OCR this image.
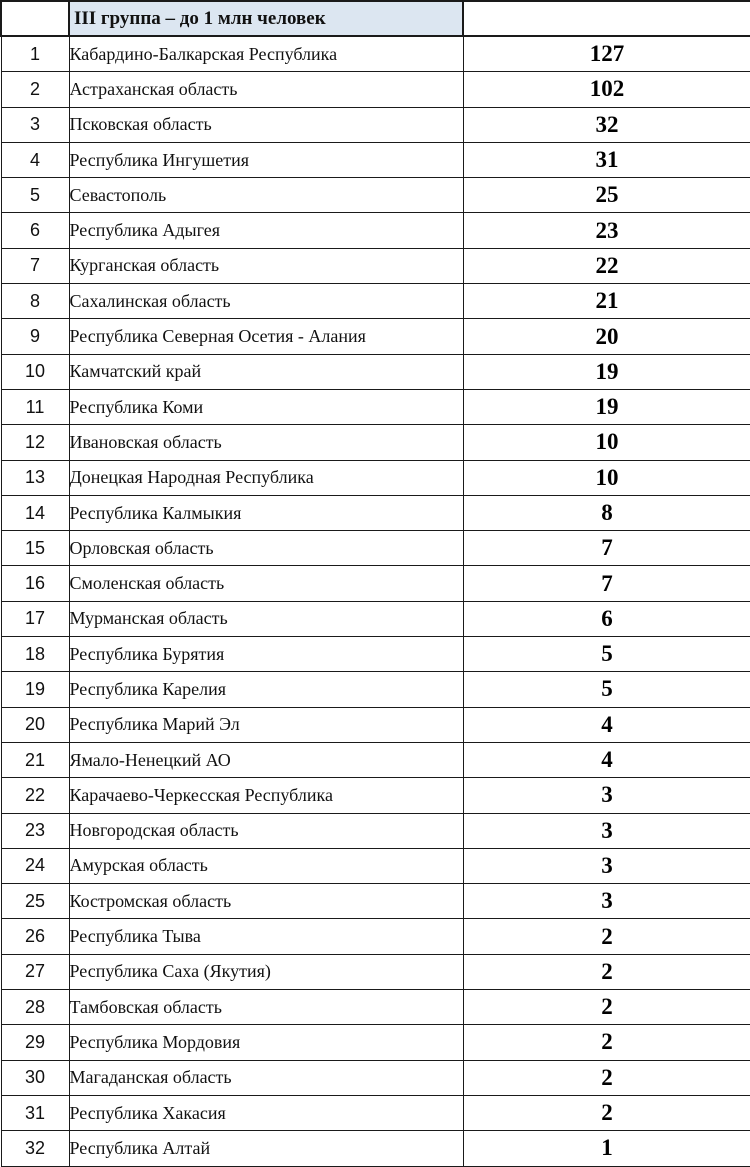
	III группа – до 1 млн человек	
1	Кабардино-Балкарская Республика	127
2	Астраханская область	102
3	Псковская область	32
4	Республика Ингушетия	31
5	Севастополь	25
6	Республика Адыгея	23
7	Курганская область	22
8	Сахалинская область	21
9	Республика Северная Осетия - Алания	20
10	Камчатский край	19
11	Республика Коми	19
12	Ивановская область	10
13	Донецкая Народная Республика	10
14	Республика Калмыкия	8
15	Орловская область	7
16	Смоленская область	7
17	Мурманская область	6
18	Республика Бурятия	5
19	Республика Карелия	5
20	Республика Марий Эл	4
21	Ямало-Ненецкий АО	4
22	Карачаево-Черкесская Республика	3
23	Новгородская область	3
24	Амурская область	3
25	Костромская область	3
26	Республика Тыва	2
27	Республика Саха (Якутия)	2
28	Тамбовская область	2
29	Республика Мордовия	2
30	Магаданская область	2
31	Республика Хакасия	2
32	Республика Алтай	1
